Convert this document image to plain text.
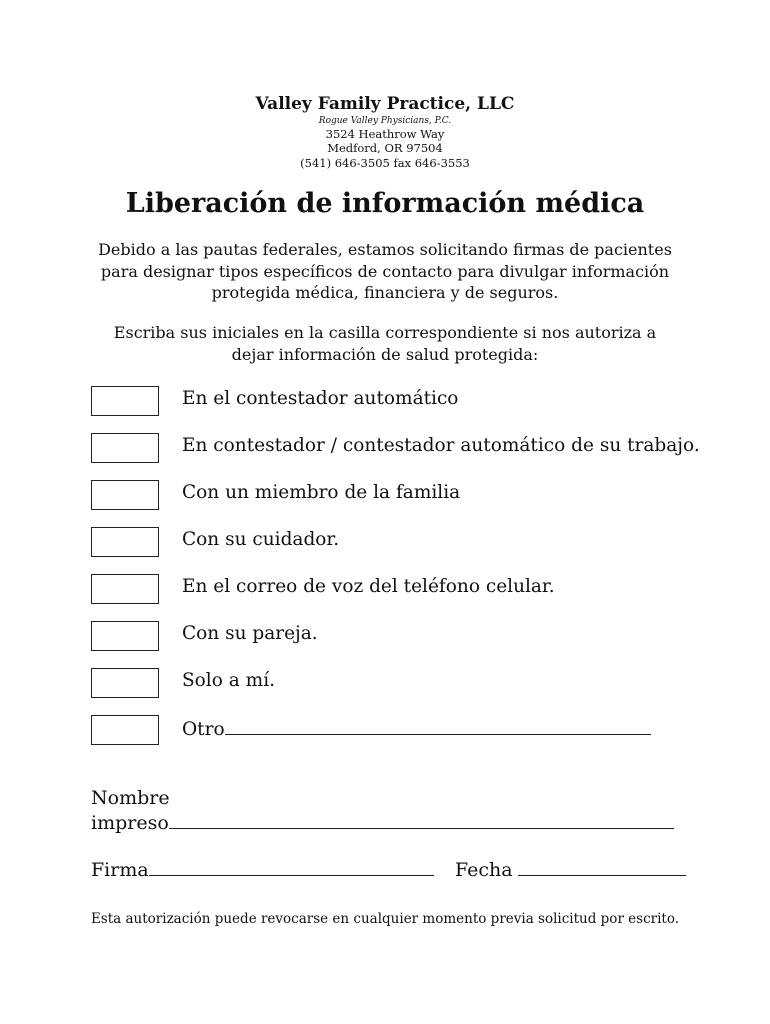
Valley Family Practice, LLC
Rogue Valley Physicians, P.C.
3524 Heathrow Way
Medford, OR 97504
(541) 646-3505 fax 646-3553
Liberación de información médica
Debido a las pautas federales, estamos solicitando firmas de pacientes para designar tipos específicos de contacto para divulgar información protegida médica, financiera y de seguros.
Escriba sus iniciales en la casilla correspondiente si nos autoriza a dejar información de salud protegida:
En el contestador automático
En contestador / contestador automático de su trabajo.
Con un miembro de la familia
Con su cuidador.
En el correo de voz del teléfono celular.
Con su pareja.
Solo a mí.
Otro
Nombre
impreso
Firma	Fecha
Esta autorización puede revocarse en cualquier momento previa solicitud por escrito.
